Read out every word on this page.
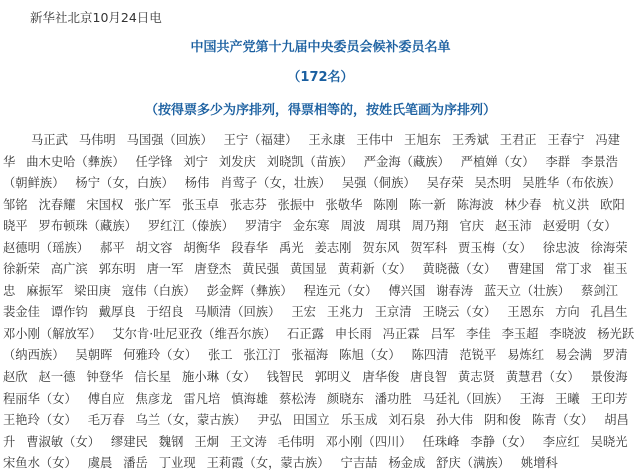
新华社北京10月24日电
中国共产党第十九届中央委员会候补委员名单
（172名）
（按得票多少为序排列，得票相等的，按姓氏笔画为序排列）
马正武 马伟明 马国强（回族） 王宁（福建） 王永康 王伟中 王旭东 王秀斌 王君正 王春宁 冯建华 曲木史哈（彝族） 任学锋 刘宁 刘发庆 刘晓凯（苗族） 严金海（藏族） 严植婵（女） 李群 李景浩（朝鲜族） 杨宁（女，白族） 杨伟 肖莺子（女，壮族） 吴强（侗族） 吴存荣 吴杰明 吴胜华（布依族） 邹铭 沈春耀 宋国权 张广军 张玉卓 张志芬 张振中 张敬华 陈刚 陈一新 陈海波 林少春 杭义洪 欧阳晓平 罗布顿珠（藏族） 罗红江（傣族） 罗清宇 金东寒 周波 周琪 周乃翔 官庆 赵玉沛 赵爱明（女） 赵德明（瑶族） 郝平 胡文容 胡衡华 段春华 禹光 姜志刚 贺东风 贺军科 贾玉梅（女） 徐忠波 徐海荣 徐新荣 高广滨 郭东明 唐一军 唐登杰 黄民强 黄国显 黄莉新（女） 黄晓薇（女） 曹建国 常丁求 崔玉忠 麻振军 梁田庚 寇伟（白族） 彭金辉（彝族） 程连元（女） 傅兴国 谢春涛 蓝天立（壮族） 蔡剑江 裴金佳 谭作钧 戴厚良 于绍良 马顺清（回族） 王宏 王兆力 王京清 王晓云（女） 王恩东 方向 孔昌生 邓小刚（解放军） 艾尔肯·吐尼亚孜（维吾尔族） 石正露 申长雨 冯正霖 吕军 李佳 李玉超 李晓波 杨光跃（纳西族） 吴朝晖 何雅玲（女） 张工 张江汀 张福海 陈旭（女） 陈四清 范锐平 易炼红 易会满 罗清 赵欣 赵一德 钟登华 信长星 施小琳（女） 钱智民 郭明义 唐华俊 唐良智 黄志贤 黄慧君（女） 景俊海 程丽华（女） 傅自应 焦彦龙 雷凡培 慎海雄 蔡松涛 颜晓东 潘功胜 马廷礼（回族） 王海 王曦 王印芳 王艳玲（女） 毛万春 乌兰（女，蒙古族） 尹弘 田国立 乐玉成 刘石泉 孙大伟 阴和俊 陈青（女） 胡昌升 曹淑敏（女） 缪建民 魏钢 王炯 王文涛 毛伟明 邓小刚（四川） 任珠峰 李静（女） 李应红 吴晓光 宋鱼水（女） 虞晨 潘岳 丁业现 王莉霞（女，蒙古族） 宁吉喆 杨金成 舒庆（满族） 姚增科
